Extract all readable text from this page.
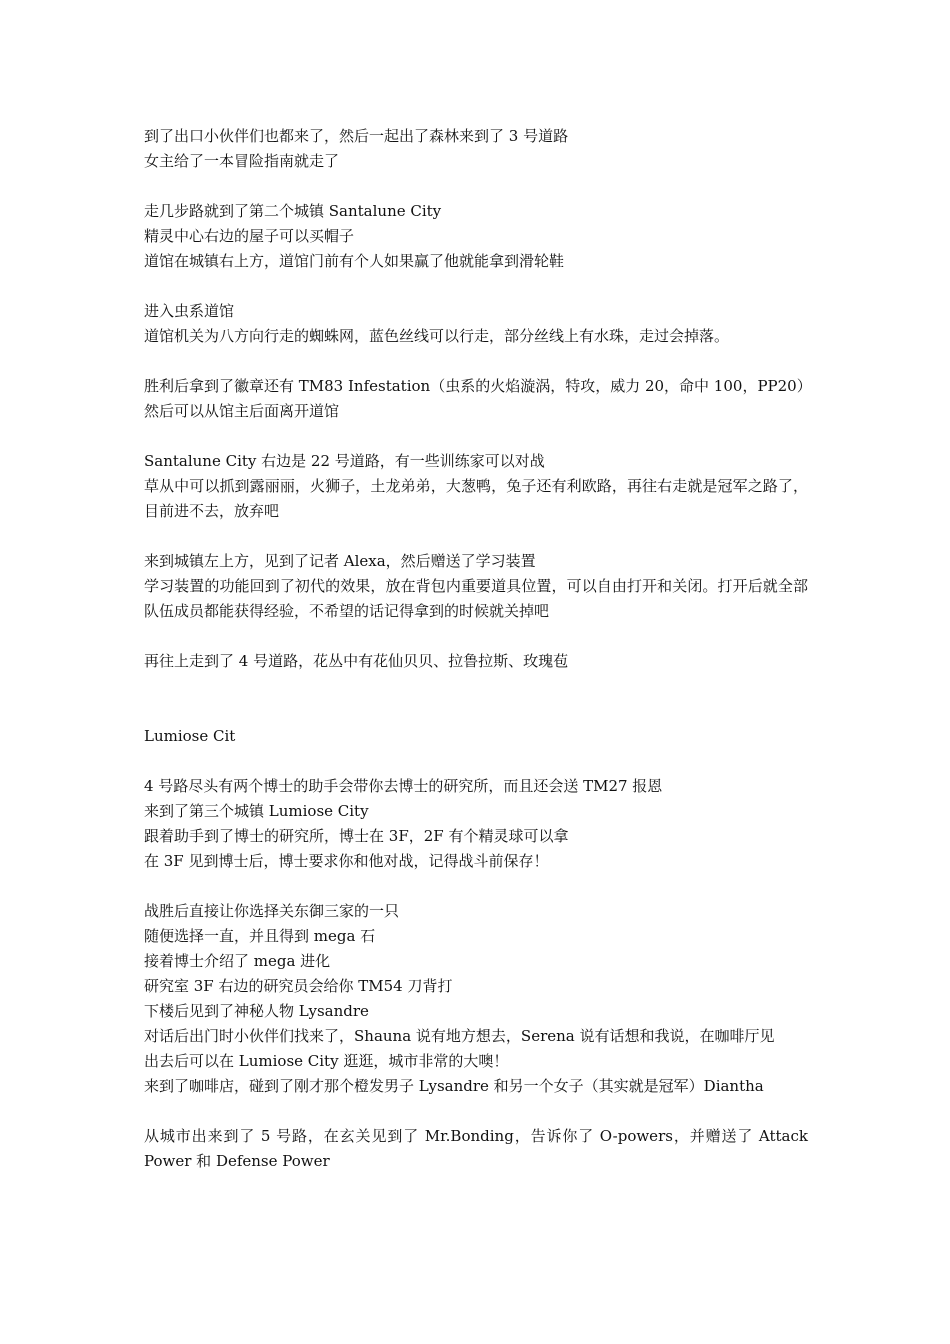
到了出口小伙伴们也都来了，然后一起出了森林来到了 3 号道路

女主给了一本冒险指南就走了

走几步路就到了第二个城镇 Santalune City

精灵中心右边的屋子可以买帽子

道馆在城镇右上方，道馆门前有个人如果赢了他就能拿到滑轮鞋

进入虫系道馆

道馆机关为八方向行走的蜘蛛网，蓝色丝线可以行走，部分丝线上有水珠，走过会掉落。

胜利后拿到了徽章还有 TM83 Infestation（虫系的火焰漩涡，特攻，威力 20，命中 100，PP20）

然后可以从馆主后面离开道馆

Santalune City 右边是 22 号道路，有一些训练家可以对战

草从中可以抓到露丽丽，火狮子，土龙弟弟，大葱鸭，兔子还有利欧路，再往右走就是冠军之路了，目前进不去，放弃吧

来到城镇左上方，见到了记者 Alexa，然后赠送了学习装置

学习装置的功能回到了初代的效果，放在背包内重要道具位置，可以自由打开和关闭。打开后就全部队伍成员都能获得经验，不希望的话记得拿到的时候就关掉吧

再往上走到了 4 号道路，花丛中有花仙贝贝、拉鲁拉斯、玫瑰苞

Lumiose Cit

4 号路尽头有两个博士的助手会带你去博士的研究所，而且还会送 TM27 报恩

来到了第三个城镇 Lumiose City

跟着助手到了博士的研究所，博士在 3F，2F 有个精灵球可以拿

在 3F 见到博士后，博士要求你和他对战，记得战斗前保存！

战胜后直接让你选择关东御三家的一只

随便选择一直，并且得到 mega 石

接着博士介绍了 mega 进化

研究室 3F 右边的研究员会给你 TM54 刀背打

下楼后见到了神秘人物 Lysandre

对话后出门时小伙伴们找来了，Shauna 说有地方想去，Serena 说有话想和我说，在咖啡厅见

出去后可以在 Lumiose City 逛逛，城市非常的大噢！

来到了咖啡店，碰到了刚才那个橙发男子 Lysandre 和另一个女子（其实就是冠军）Diantha

从城市出来到了 5 号路，在玄关见到了 Mr.Bonding，告诉你了 O-powers，并赠送了 Attack Power 和 Defense Power
